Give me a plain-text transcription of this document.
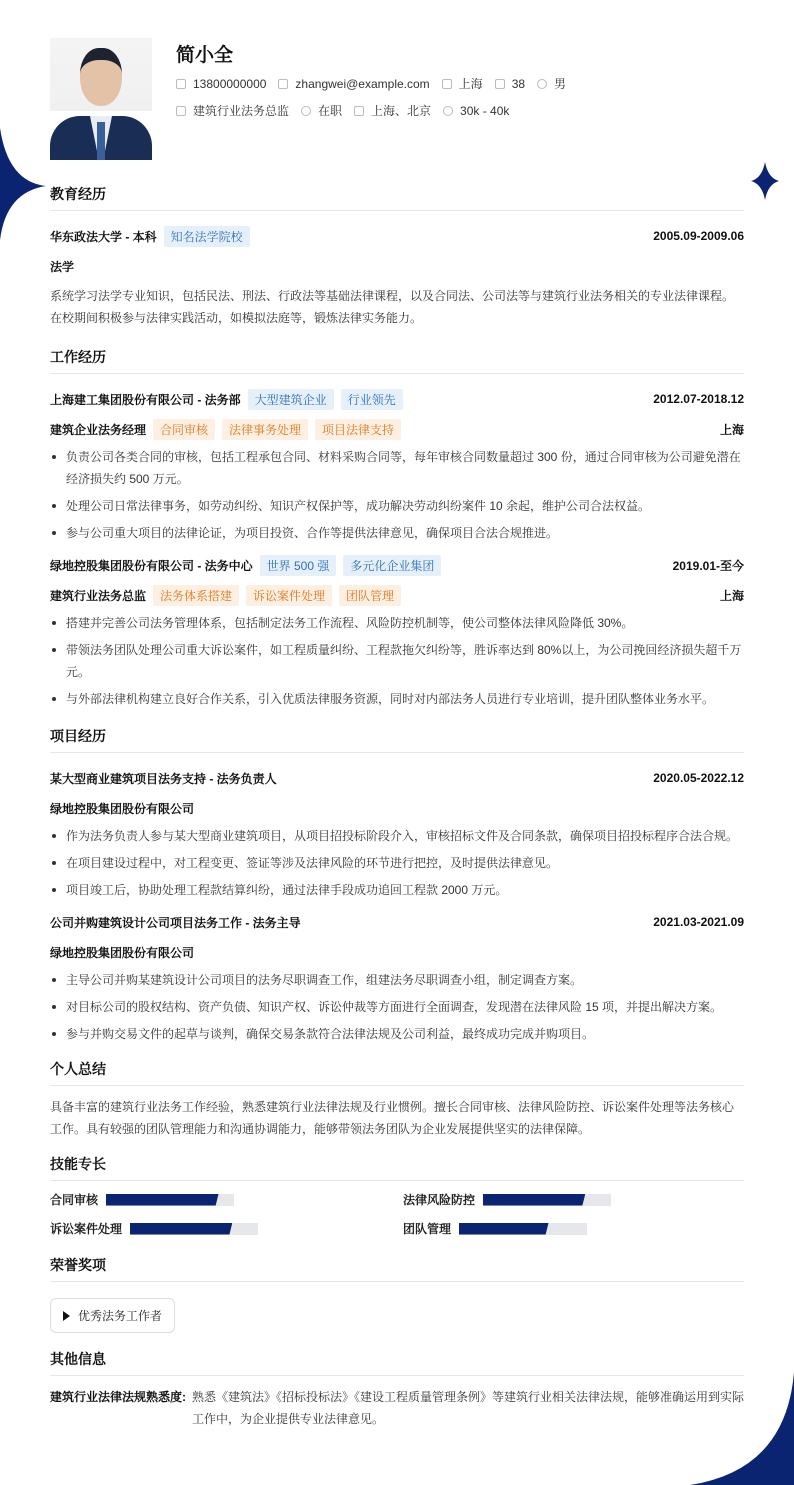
简小全
13800000000 zhangwei@example.com 上海 38 男
建筑行业法务总监 在职 上海、北京 30k - 40k
教育经历
华东政法大学 - 本科	知名法学院校	2005.09-2009.06
法学
系统学习法学专业知识，包括民法、刑法、行政法等基础法律课程，以及合同法、公司法等与建筑行业法务相关的专业法律课程。在校期间积极参与法律实践活动，如模拟法庭等，锻炼法律实务能力。
工作经历
上海建工集团股份有限公司 - 法务部	大型建筑企业	行业领先	2012.07-2018.12
建筑企业法务经理	合同审核	法律事务处理	项目法律支持	上海
负责公司各类合同的审核，包括工程承包合同、材料采购合同等，每年审核合同数量超过 300 份，通过合同审核为公司避免潜在经济损失约 500 万元。
处理公司日常法律事务，如劳动纠纷、知识产权保护等，成功解决劳动纠纷案件 10 余起，维护公司合法权益。
参与公司重大项目的法律论证，为项目投资、合作等提供法律意见，确保项目合法合规推进。
绿地控股集团股份有限公司 - 法务中心	世界 500 强	多元化企业集团	2019.01-至今
建筑行业法务总监	法务体系搭建	诉讼案件处理	团队管理	上海
搭建并完善公司法务管理体系，包括制定法务工作流程、风险防控机制等，使公司整体法律风险降低 30%。
带领法务团队处理公司重大诉讼案件，如工程质量纠纷、工程款拖欠纠纷等，胜诉率达到 80%以上，为公司挽回经济损失超千万元。
与外部法律机构建立良好合作关系，引入优质法律服务资源，同时对内部法务人员进行专业培训，提升团队整体业务水平。
项目经历
某大型商业建筑项目法务支持 - 法务负责人	2020.05-2022.12
绿地控股集团股份有限公司
作为法务负责人参与某大型商业建筑项目，从项目招投标阶段介入，审核招标文件及合同条款，确保项目招投标程序合法合规。
在项目建设过程中，对工程变更、签证等涉及法律风险的环节进行把控，及时提供法律意见。
项目竣工后，协助处理工程款结算纠纷，通过法律手段成功追回工程款 2000 万元。
公司并购建筑设计公司项目法务工作 - 法务主导	2021.03-2021.09
绿地控股集团股份有限公司
主导公司并购某建筑设计公司项目的法务尽职调查工作，组建法务尽职调查小组，制定调查方案。
对目标公司的股权结构、资产负债、知识产权、诉讼仲裁等方面进行全面调查，发现潜在法律风险 15 项，并提出解决方案。
参与并购交易文件的起草与谈判，确保交易条款符合法律法规及公司利益，最终成功完成并购项目。
个人总结
具备丰富的建筑行业法务工作经验，熟悉建筑行业法律法规及行业惯例。擅长合同审核、法律风险防控、诉讼案件处理等法务核心工作。具有较强的团队管理能力和沟通协调能力，能够带领法务团队为企业发展提供坚实的法律保障。
技能专长
合同审核	法律风险防控
诉讼案件处理	团队管理
荣誉奖项
优秀法务工作者
其他信息
建筑行业法律法规熟悉度: 熟悉《建筑法》《招标投标法》《建设工程质量管理条例》等建筑行业相关法律法规，能够准确运用到实际工作中，为企业提供专业法律意见。
